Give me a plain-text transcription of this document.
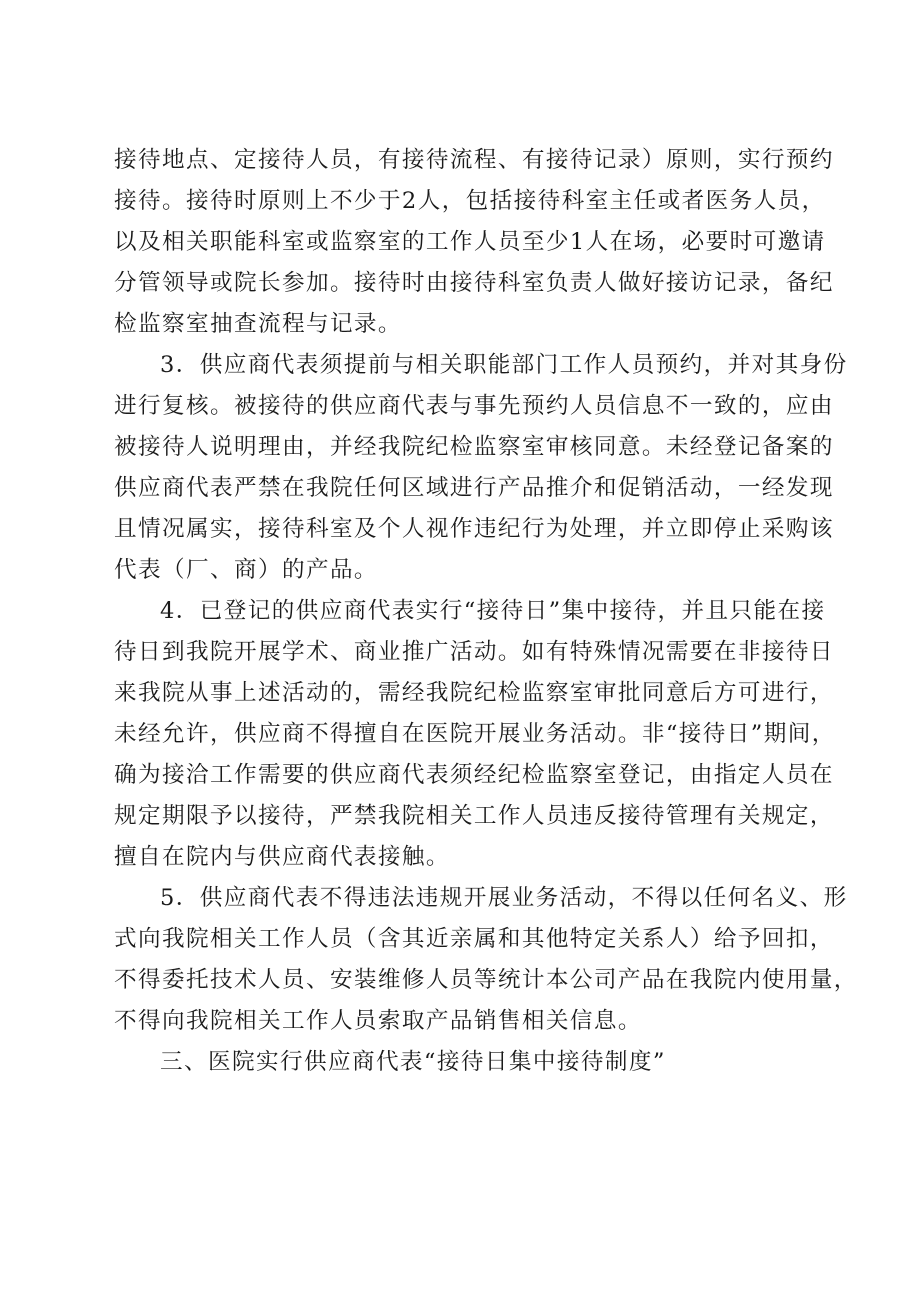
接待地点、定接待人员，有接待流程、有接待记录）原则，实行预约
接待。接待时原则上不少于2人，包括接待科室主任或者医务人员，
以及相关职能科室或监察室的工作人员至少1人在场，必要时可邀请
分管领导或院长参加。接待时由接待科室负责人做好接访记录，备纪
检监察室抽查流程与记录。

3．供应商代表须提前与相关职能部门工作人员预约，并对其身份
进行复核。被接待的供应商代表与事先预约人员信息不一致的，应由
被接待人说明理由，并经我院纪检监察室审核同意。未经登记备案的
供应商代表严禁在我院任何区域进行产品推介和促销活动，一经发现
且情况属实，接待科室及个人视作违纪行为处理，并立即停止采购该
代表（厂、商）的产品。

4．已登记的供应商代表实行“接待日”集中接待，并且只能在接
待日到我院开展学术、商业推广活动。如有特殊情况需要在非接待日
来我院从事上述活动的，需经我院纪检监察室审批同意后方可进行，
未经允许，供应商不得擅自在医院开展业务活动。非“接待日”期间，
确为接洽工作需要的供应商代表须经纪检监察室登记，由指定人员在
规定期限予以接待，严禁我院相关工作人员违反接待管理有关规定，
擅自在院内与供应商代表接触。

5．供应商代表不得违法违规开展业务活动，不得以任何名义、形
式向我院相关工作人员（含其近亲属和其他特定关系人）给予回扣，
不得委托技术人员、安装维修人员等统计本公司产品在我院内使用量，
不得向我院相关工作人员索取产品销售相关信息。

三、医院实行供应商代表“接待日集中接待制度”
